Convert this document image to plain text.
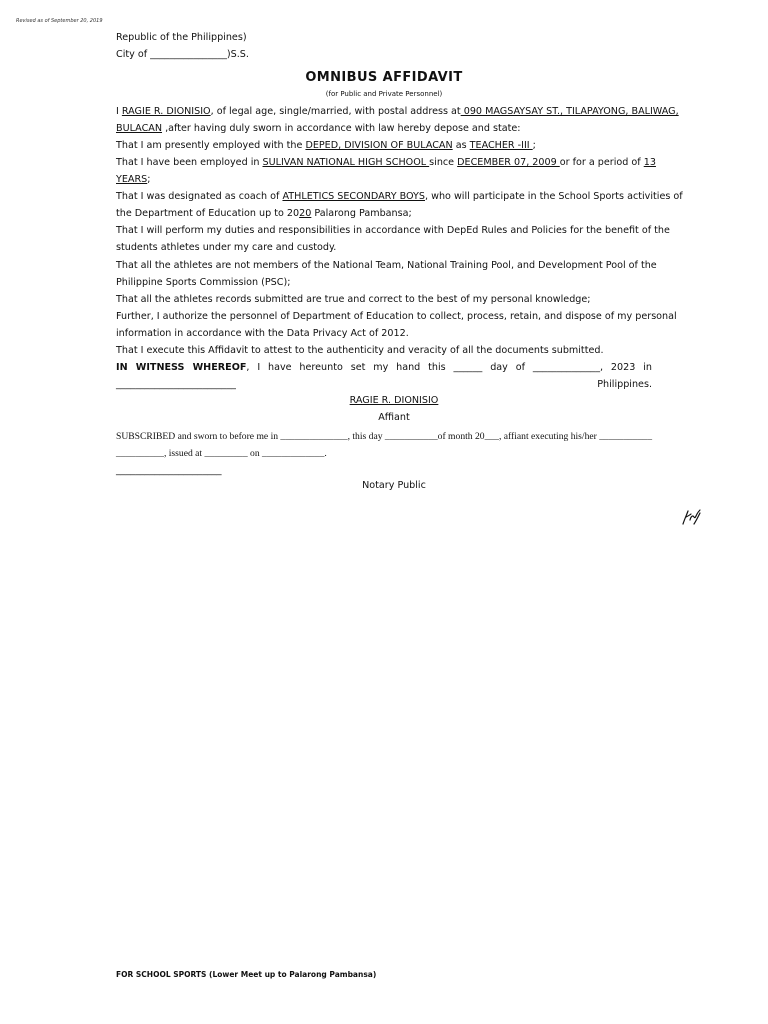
Revised as of September 20, 2019
Republic of the Philippines)
City of ________________)S.S.
OMNIBUS AFFIDAVIT
(for Public and Private Personnel)
I RAGIE R. DIONISIO, of legal age, single/married, with postal address at 090 MAGSAYSAY ST., TILAPAYONG, BALIWAG,
BULACAN ,after having duly sworn in accordance with law hereby depose and state:
That I am presently employed with the DEPED, DIVISION OF BULACAN as TEACHER -III ;
That I have been employed in SULIVAN NATIONAL HIGH SCHOOL since DECEMBER 07, 2009 or for a period of 13
YEARS;
That I was designated as coach of ATHLETICS SECONDARY BOYS, who will participate in the School Sports activities of
the Department of Education up to 2020 Palarong Pambansa;
That I will perform my duties and responsibilities in accordance with DepEd Rules and Policies for the benefit of the
students athletes under my care and custody.
That all the athletes are not members of the National Team, National Training Pool, and Development Pool of the
Philippine Sports Commission (PSC);
That all the athletes records submitted are true and correct to the best of my personal knowledge;
Further, I authorize the personnel of Department of Education to collect, process, retain, and dispose of my personal
information in accordance with the Data Privacy Act of 2012.
That I execute this Affidavit to attest to the authenticity and veracity of all the documents submitted.
IN WITNESS WHEREOF, I have hereunto set my hand this ______ day of ______________, 2023 in
_________________________	Philippines.
RAGIE R. DIONISIO
Affiant
SUBSCRIBED and sworn to before me in ______________, this day ___________of month 20___, affiant executing his/her ___________
__________, issued at _________ on _____________.
______________________
Notary Public
FOR SCHOOL SPORTS (Lower Meet up to Palarong Pambansa)
